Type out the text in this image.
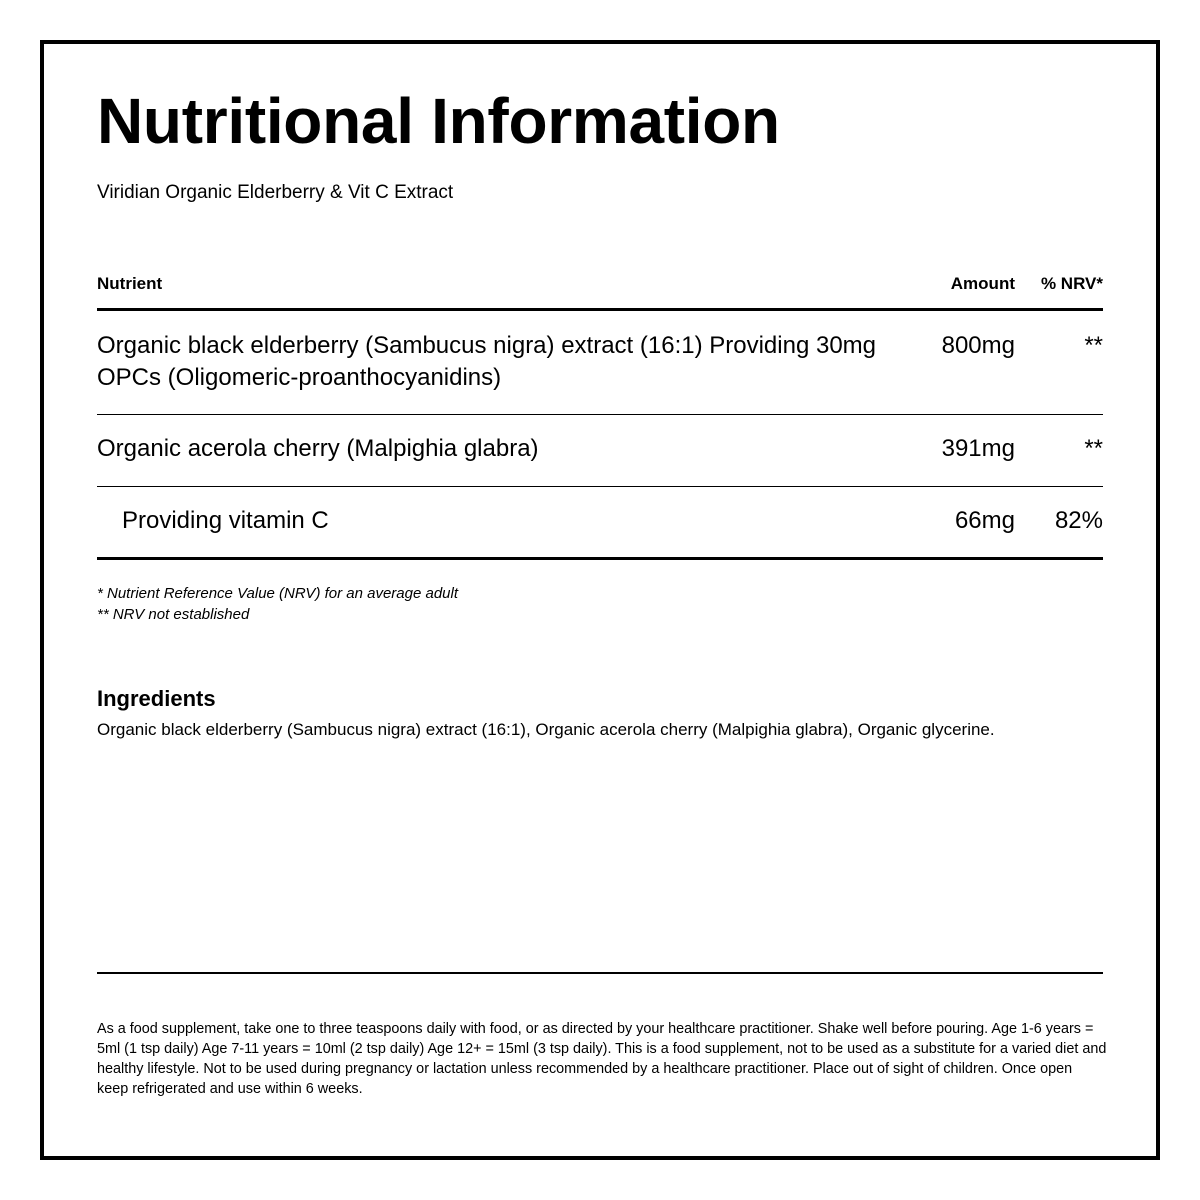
Nutritional Information
Viridian Organic Elderberry & Vit C Extract
Nutrient	Amount % NRV*
Organic black elderberry (Sambucus nigra) extract (16:1) Providing 30mg OPCs (Oligomeric-proanthocyanidins)
800mg	**
Organic acerola cherry (Malpighia glabra)	391mg	**
Providing vitamin C	66mg 82%
* Nutrient Reference Value (NRV) for an average adult
** NRV not established
Ingredients
Organic black elderberry (Sambucus nigra) extract (16:1), Organic acerola cherry (Malpighia glabra), Organic glycerine.
As a food supplement, take one to three teaspoons daily with food, or as directed by your healthcare practitioner. Shake well before pouring. Age 1-6 years = 5ml (1 tsp daily) Age 7-11 years = 10ml (2 tsp daily) Age 12+ = 15ml (3 tsp daily). This is a food supplement, not to be used as a substitute for a varied diet and healthy lifestyle. Not to be used during pregnancy or lactation unless recommended by a healthcare practitioner. Place out of sight of children. Once open keep refrigerated and use within 6 weeks.
